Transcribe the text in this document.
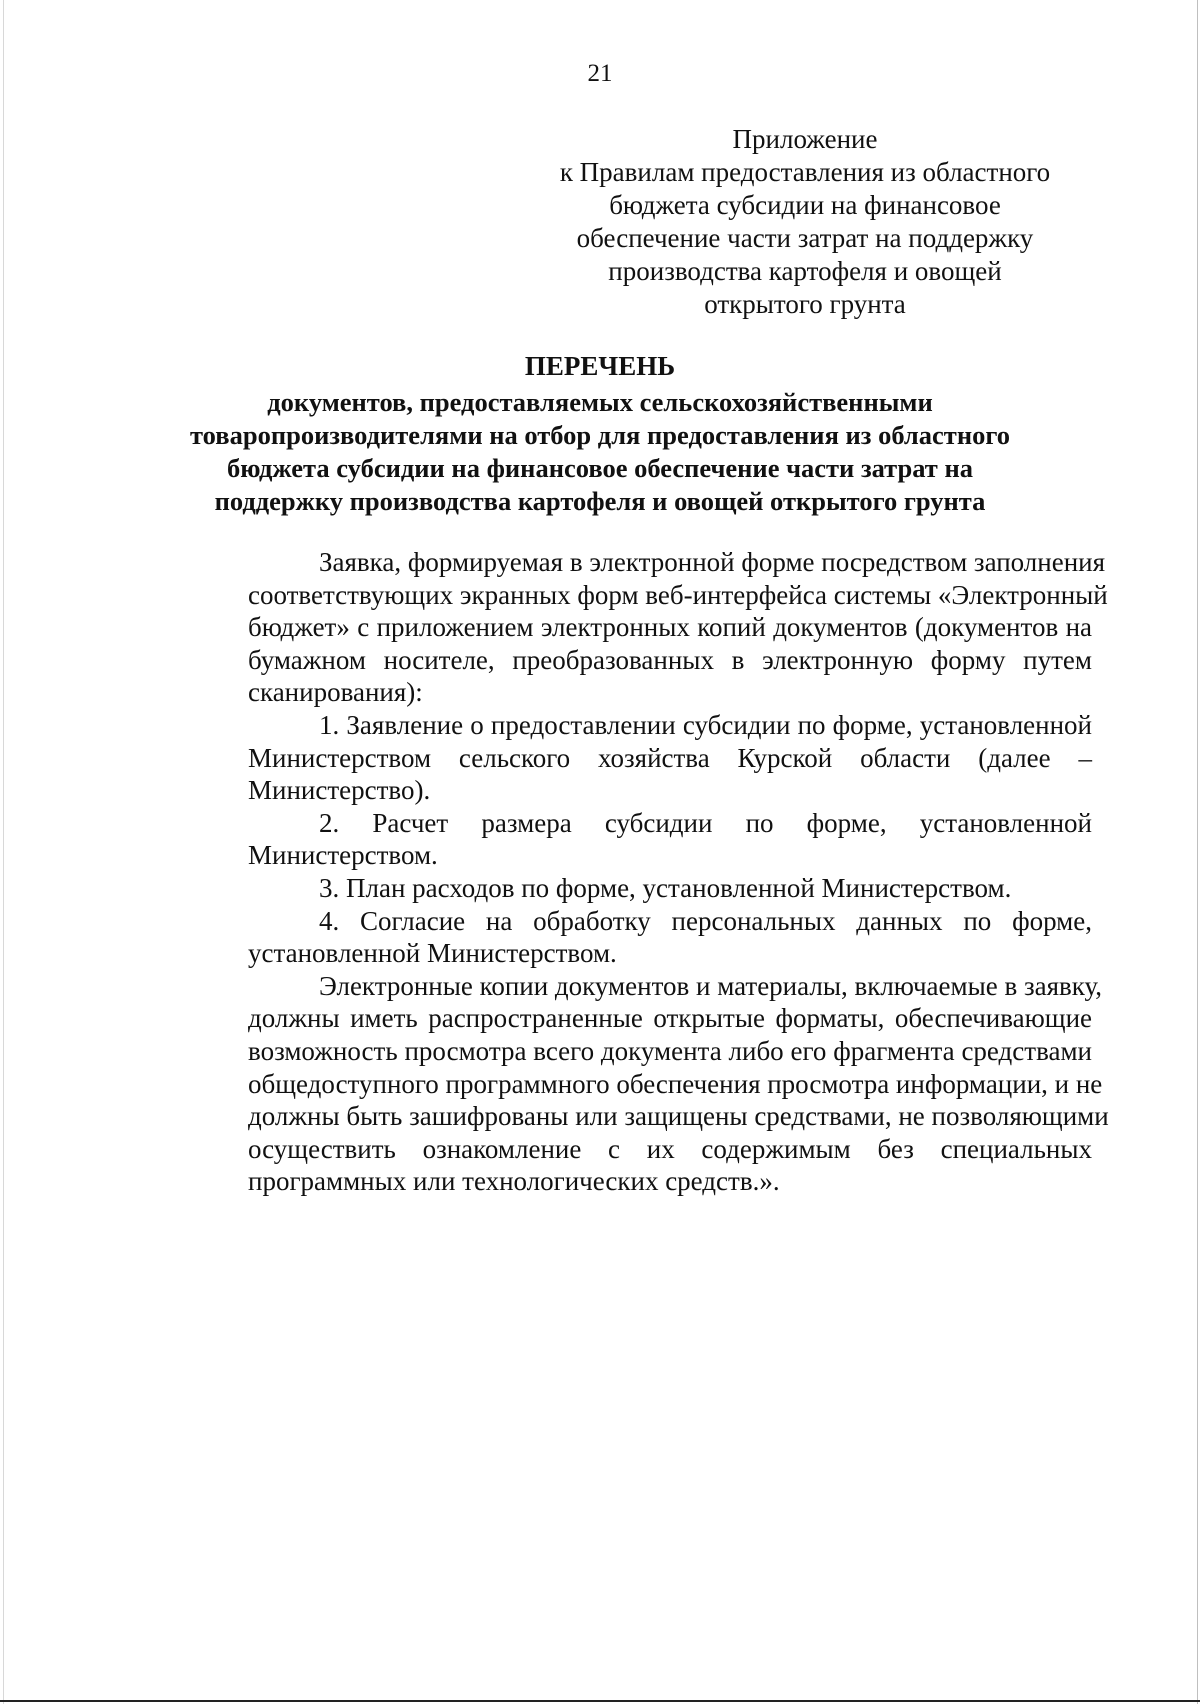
21
Приложение
к Правилам предоставления из областного
бюджета субсидии на финансовое
обеспечение части затрат на поддержку
производства картофеля и овощей
открытого грунта
ПЕРЕЧЕНЬ
документов, предоставляемых сельскохозяйственными
товаропроизводителями на отбор для предоставления из областного
бюджета субсидии на финансовое обеспечение части затрат на
поддержку производства картофеля и овощей открытого грунта
Заявка, формируемая в электронной форме посредством заполнения
соответствующих экранных форм веб-интерфейса системы «Электронный
бюджет» с приложением электронных копий документов (документов на
бумажном носителе, преобразованных в электронную форму путем
сканирования):
1. Заявление о предоставлении субсидии по форме, установленной
Министерством сельского хозяйства Курской области (далее –
Министерство).
2. Расчет размера субсидии по форме, установленной
Министерством.
3. План расходов по форме, установленной Министерством.
4. Согласие на обработку персональных данных по форме,
установленной Министерством.
Электронные копии документов и материалы, включаемые в заявку,
должны иметь распространенные открытые форматы, обеспечивающие
возможность просмотра всего документа либо его фрагмента средствами
общедоступного программного обеспечения просмотра информации, и не
должны быть зашифрованы или защищены средствами, не позволяющими
осуществить ознакомление с их содержимым без специальных
программных или технологических средств.».
